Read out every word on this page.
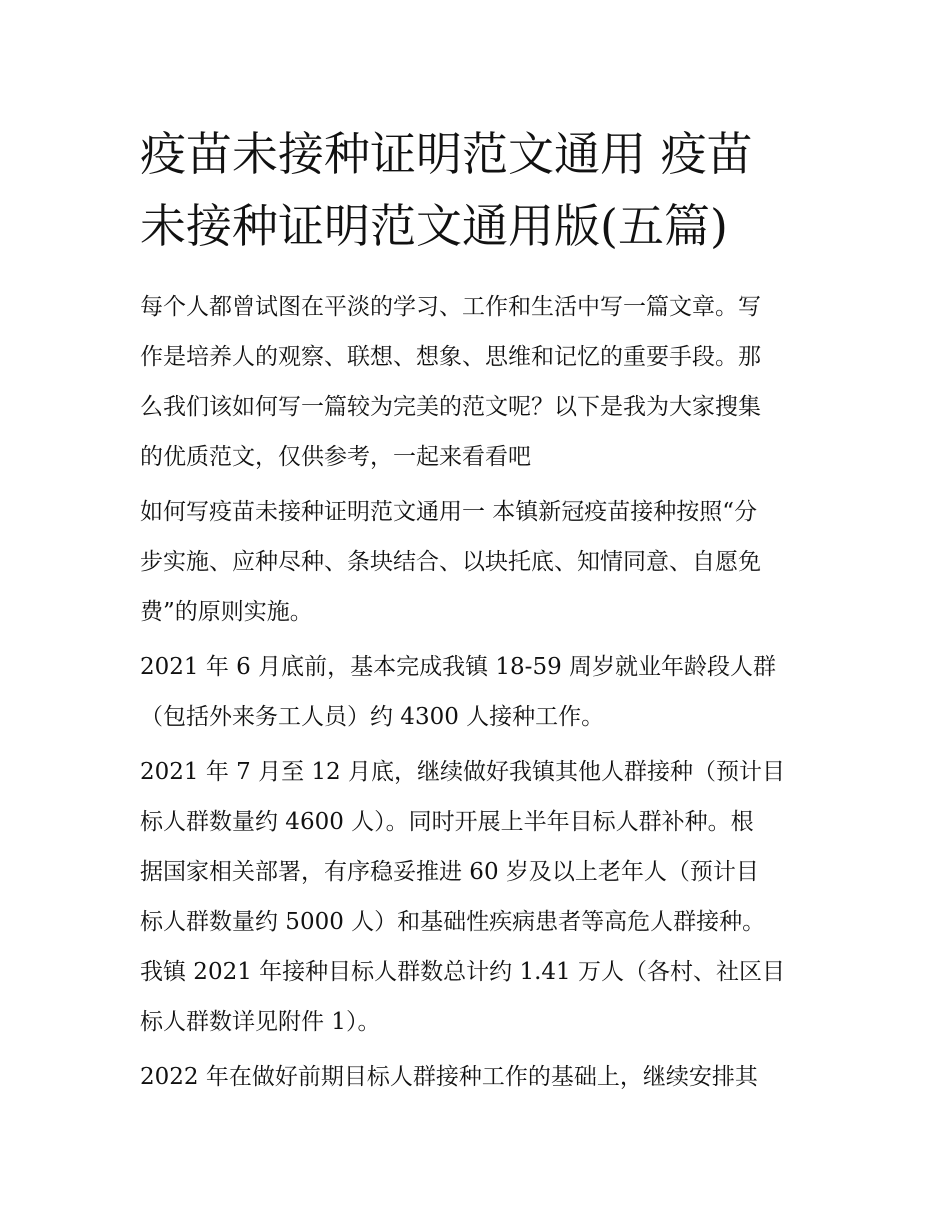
疫苗未接种证明范文通用 疫苗
未接种证明范文通用版(五篇)
每个人都曾试图在平淡的学习、工作和生活中写一篇文章。写
作是培养人的观察、联想、想象、思维和记忆的重要手段。那
么我们该如何写一篇较为完美的范文呢？以下是我为大家搜集
的优质范文，仅供参考，一起来看看吧
如何写疫苗未接种证明范文通用一 本镇新冠疫苗接种按照“分
步实施、应种尽种、条块结合、以块托底、知情同意、自愿免
费”的原则实施。
2021 年 6 月底前，基本完成我镇 18-59 周岁就业年龄段人群
（包括外来务工人员）约 4300 人接种工作。
2021 年 7 月至 12 月底，继续做好我镇其他人群接种（预计目
标人群数量约 4600 人）。同时开展上半年目标人群补种。根
据国家相关部署，有序稳妥推进 60 岁及以上老年人（预计目
标人群数量约 5000 人）和基础性疾病患者等高危人群接种。
我镇 2021 年接种目标人群数总计约 1.41 万人（各村、社区目
标人群数详见附件 1）。
2022 年在做好前期目标人群接种工作的基础上，继续安排其
